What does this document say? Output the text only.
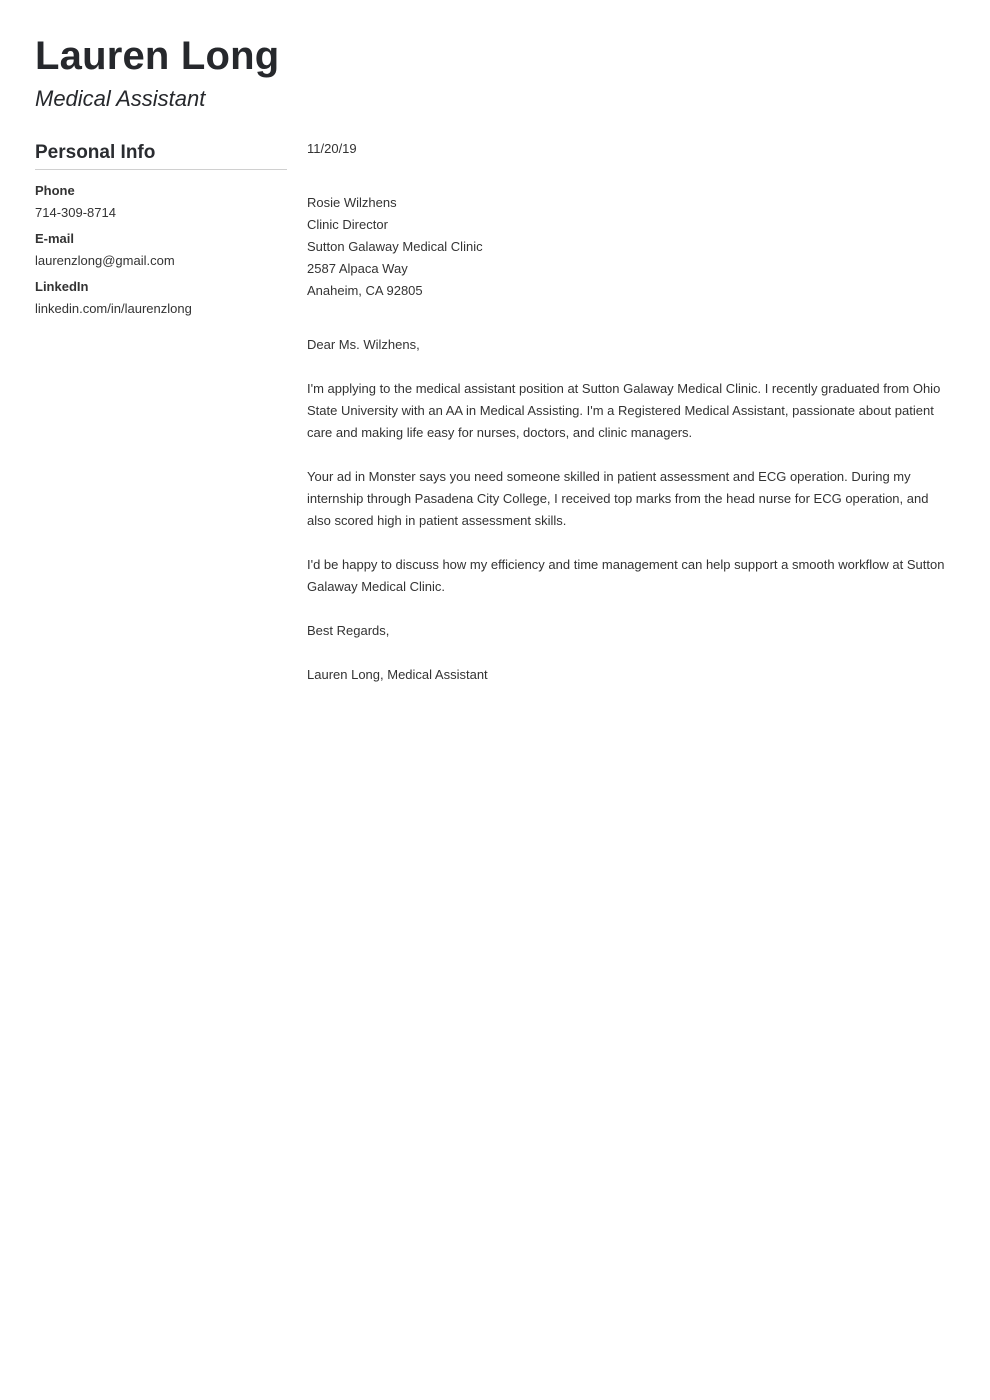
Lauren Long
Medical Assistant
Personal Info
Phone
714-309-8714
E-mail
laurenzlong@gmail.com
LinkedIn
linkedin.com/in/laurenzlong
11/20/19
Rosie Wilzhens
Clinic Director
Sutton Galaway Medical Clinic
2587 Alpaca Way
Anaheim, CA 92805
Dear Ms. Wilzhens,
I'm applying to the medical assistant position at Sutton Galaway Medical Clinic. I recently graduated from Ohio State University with an AA in Medical Assisting. I'm a Registered Medical Assistant, passionate about patient care and making life easy for nurses, doctors, and clinic managers.
Your ad in Monster says you need someone skilled in patient assessment and ECG operation. During my internship through Pasadena City College, I received top marks from the head nurse for ECG operation, and also scored high in patient assessment skills.
I'd be happy to discuss how my efficiency and time management can help support a smooth workflow at Sutton Galaway Medical Clinic.
Best Regards,
Lauren Long, Medical Assistant
